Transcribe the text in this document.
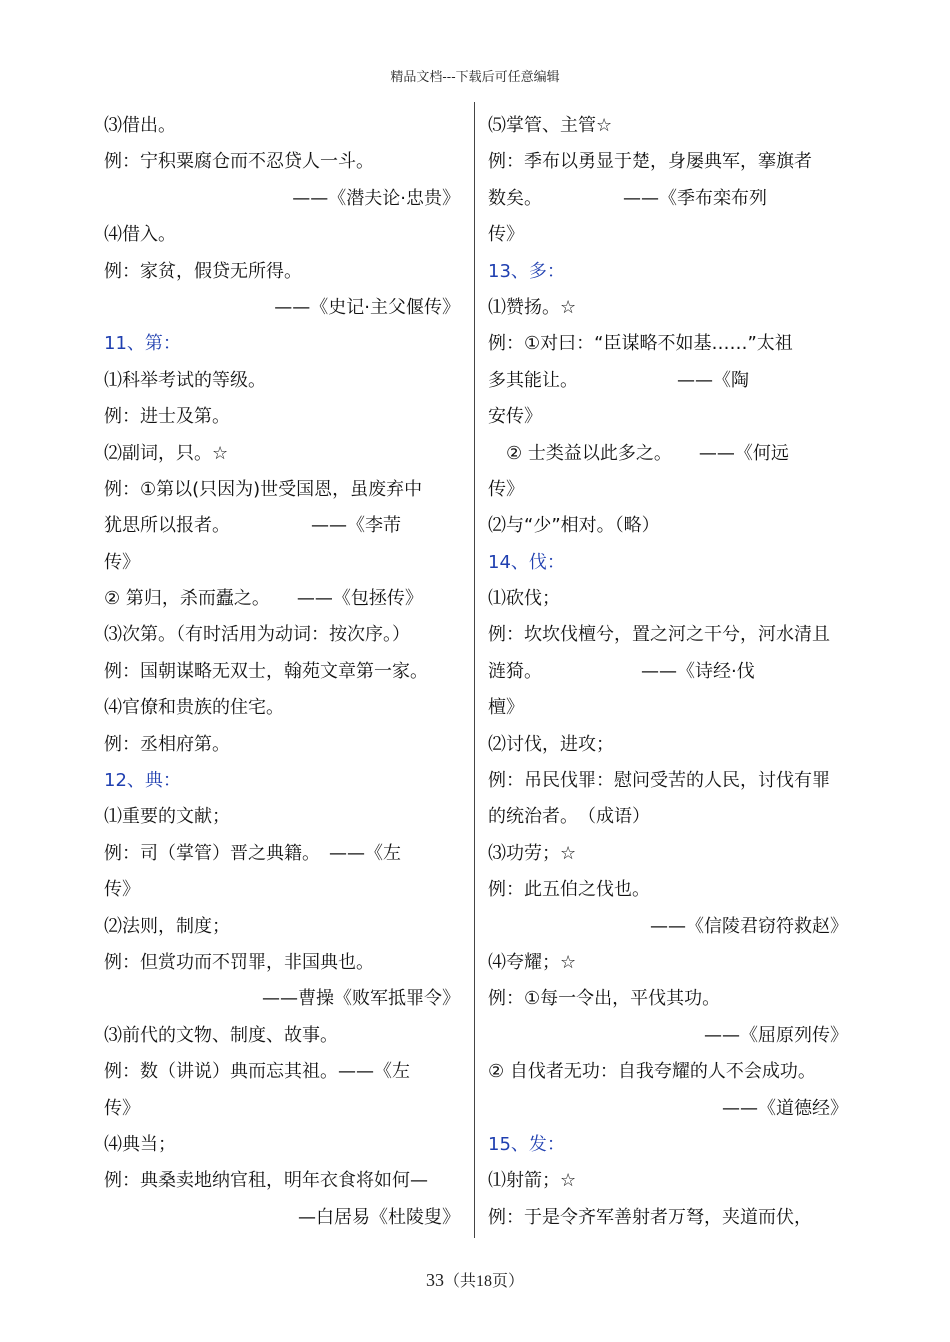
精品文档---下载后可任意编辑
⑶借出。
例：宁积粟腐仓而不忍贷人一斗。
——《潜夫论·忠贵》
⑷借入。
例：家贫，假贷无所得。
——《史记·主父偃传》
11、第：
⑴科举考试的等级。
例：进士及第。
⑵副词，只。☆
例：①第以(只因为)世受国恩，虽废弃中
犹思所以报者。　　　　　——《李芾
传》
② 第归，杀而蠹之。　　——《包拯传》
⑶次第。（有时活用为动词：按次序。）
例：国朝谋略无双士，翰苑文章第一家。
⑷官僚和贵族的住宅。
例：丞相府第。
12、典：
⑴重要的文献；
例：司（掌管）晋之典籍。　——《左
传》
⑵法则，制度；
例：但赏功而不罚罪，非国典也。
——曹操《败军抵罪令》
⑶前代的文物、制度、故事。
例：数（讲说）典而忘其祖。——《左
传》
⑷典当；
例：典桑卖地纳官租，明年衣食将如何—
—白居易《杜陵叟》
⑸掌管、主管☆
例：季布以勇显于楚，身屡典军，搴旗者
数矣。　　　　　——《季布栾布列
传》
13、多：
⑴赞扬。☆
例：①对曰：“臣谋略不如基……”太祖
多其能让。　　　　　　——《陶
安传》
② 士类益以此多之。　　——《何远
传》
⑵与“少”相对。（略）
14、伐：
⑴砍伐；
例：坎坎伐檀兮，置之河之干兮，河水清且
涟猗。　　　　　　——《诗经·伐
檀》
⑵讨伐，进攻；
例：吊民伐罪：慰问受苦的人民，讨伐有罪
的统治者。　（成语）
⑶功劳；☆
例：此五伯之伐也。
——《信陵君窃符救赵》
⑷夸耀；☆
例：①每一令出，平伐其功。
——《屈原列传》
② 自伐者无功：自我夸耀的人不会成功。
——《道德经》
15、发：
⑴射箭；☆
例：于是令齐军善射者万弩，夹道而伏，
33（共18页）
